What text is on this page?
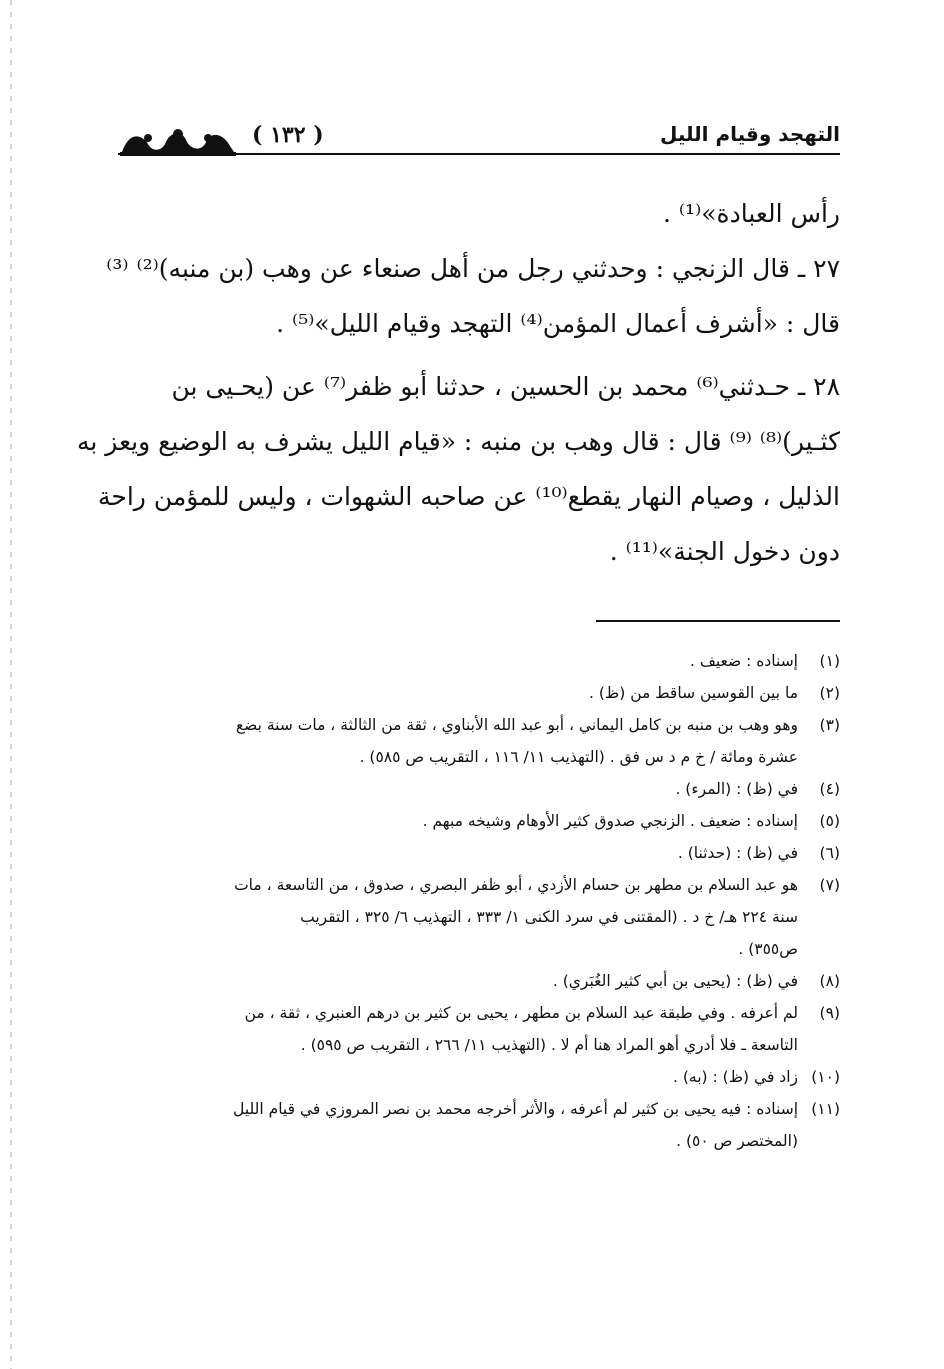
( ١٣٢ )	التهجد وقيام الليل
رأس العبادة»⁽¹⁾ .
٢٧ ـ قال الزنجي : وحدثني رجل من أهل صنعاء عن وهب (بن منبه)⁽²⁾ ⁽³⁾
قال : «أشرف أعمال المؤمن⁽⁴⁾ التهجد وقيام الليل»⁽⁵⁾ .
٢٨ ـ حـدثني⁽⁶⁾ محمد بن الحسين ، حدثنا أبو ظفر⁽⁷⁾ عن (يحـيى بن
كثـير)⁽⁸⁾ ⁽⁹⁾ قال : قال وهب بن منبه : «قيام الليل يشرف به الوضيع ويعز به
الذليل ، وصيام النهار يقطع⁽¹⁰⁾ عن صاحبه الشهوات ، وليس للمؤمن راحة
دون دخول الجنة»⁽¹¹⁾ .
(١)
إسناده : ضعيف .
(٢)
ما بين القوسين ساقط من (ظ) .
(٣)
وهو وهب بن منبه بن كامل اليماني ، أبو عبد الله الأبناوي ، ثقة من الثالثة ، مات سنة بضع
عشرة ومائة / خ م د س فق . (التهذيب ١١/ ١١٦ ، التقريب ص ٥٨٥) .
(٤)
في (ظ) : (المرء) .
(٥)
إسناده : ضعيف . الزنجي صدوق كثير الأوهام وشيخه مبهم .
(٦)
في (ظ) : (حدثنا) .
(٧)
هو عبد السلام بن مطهر بن حسام الأزدي ، أبو ظفر البصري ، صدوق ، من التاسعة ، مات
سنة ٢٢٤ هـ/ خ د . (المقتنى في سرد الكنى ١/ ٣٣٣ ، التهذيب ٦/ ٣٢٥ ، التقريب
ص٣٥٥) .
(٨)
في (ظ) : (يحيى بن أبي كثير الغُبَري) .
(٩)
لم أعرفه . وفي طبقة عبد السلام بن مطهر ، يحيى بن كثير بن درهم العنبري ، ثقة ، من
التاسعة ـ فلا أدري أهو المراد هنا أم لا . (التهذيب ١١/ ٢٦٦ ، التقريب ص ٥٩٥) .
(١٠)
زاد في (ظ) : (به) .
(١١)
إسناده : فيه يحيى بن كثير لم أعرفه ، والأثر أخرجه محمد بن نصر المروزي في قيام الليل
(المختصر ص ٥٠) .
